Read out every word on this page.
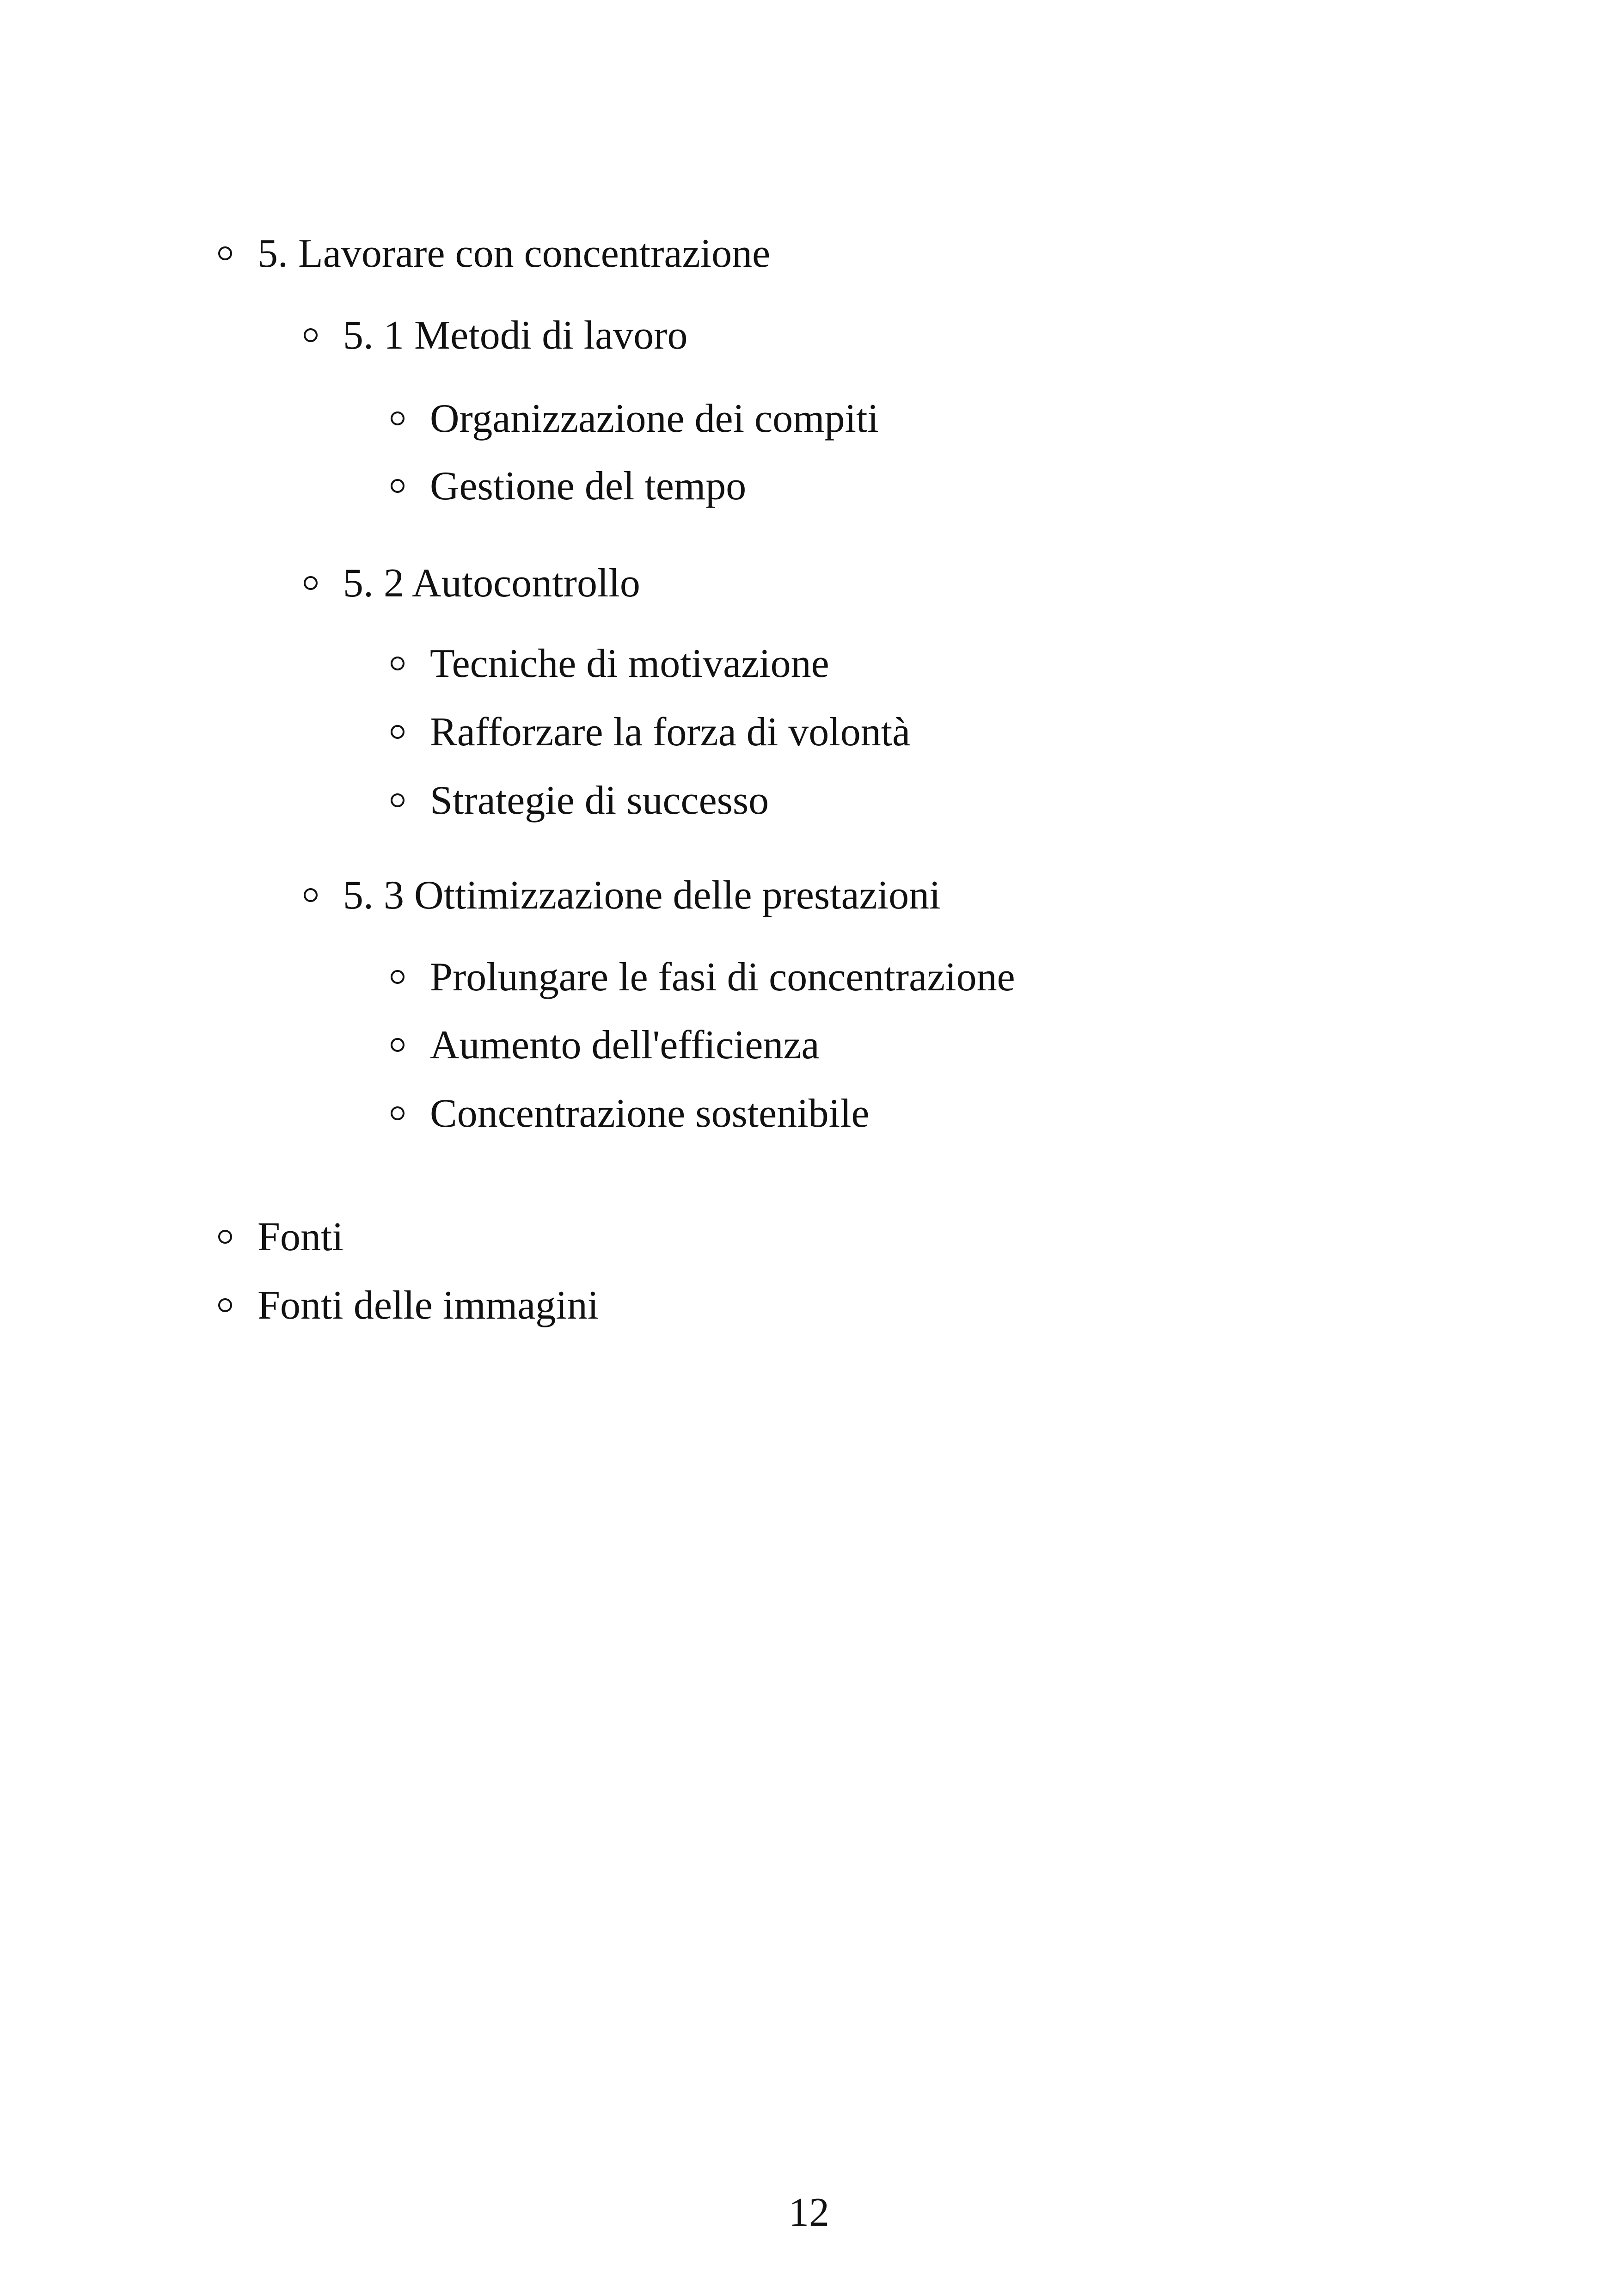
5. Lavorare con concentrazione
5. 1 Metodi di lavoro
Organizzazione dei compiti
Gestione del tempo
5. 2 Autocontrollo
Tecniche di motivazione
Rafforzare la forza di volontà
Strategie di successo
5. 3 Ottimizzazione delle prestazioni
Prolungare le fasi di concentrazione
Aumento dell'efficienza
Concentrazione sostenibile
Fonti
Fonti delle immagini
12
